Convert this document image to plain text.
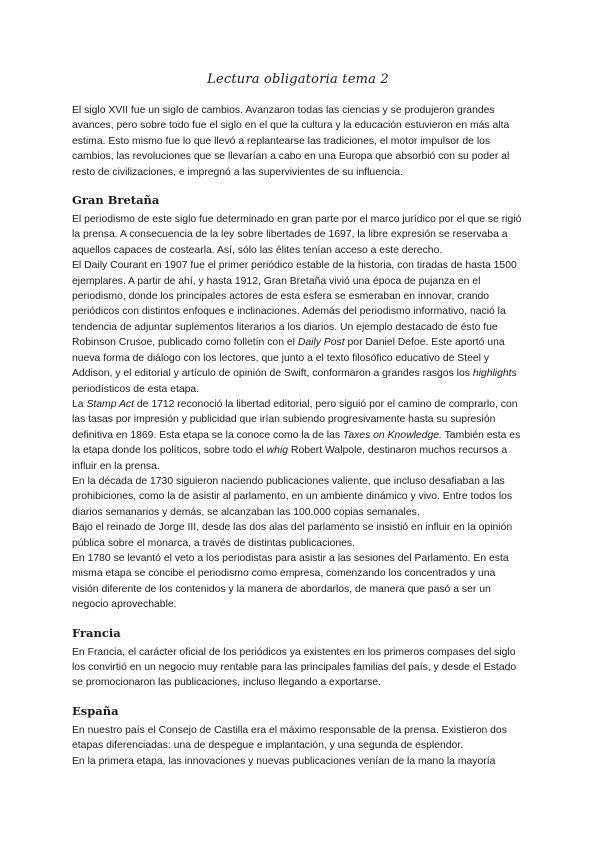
Lectura obligatoria tema 2

El siglo XVII fue un siglo de cambios. Avanzaron todas las ciencias y se produjeron grandes avances, pero sobre todo fue el siglo en el que la cultura y la educación estuvieron en más alta estima. Esto mismo fue lo que llevó a replantearse las tradiciones, el motor impulsor de los cambios, las revoluciones que se llevarían a cabo en una Europa que absorbió con su poder al resto de civilizaciones, e impregnó a las supervivientes de su influencia.

Gran Bretaña

El periodismo de este siglo fue determinado en gran parte por el marco jurídico por el que se rigió la prensa. A consecuencia de la ley sobre libertades de 1697, la libre expresión se reservaba a aquellos capaces de costearla. Así, sólo las élites tenían acceso a este derecho.

El Daily Courant en 1907 fue el primer periódico estable de la historia, con tiradas de hasta 1500 ejemplares. A partir de ahí, y hasta 1912, Gran Bretaña vivió una época de pujanza en el periodismo, donde los principales actores de esta esfera se esmeraban en innovar, crando periódicos con distintos enfoques e inclinaciones. Además del periodismo informativo, nació la tendencia de adjuntar suplementos literarios a los diarios. Un ejemplo destacado de ésto fue Robinson Crusoe, publicado como folletín con el Daily Post por Daniel Defoe. Este aportó una nueva forma de diálogo con los lectores, que junto a el texto filosófico educativo de Steel y Addison, y el editorial y artículo de opinión de Swift, conformaron a grandes rasgos los highlights periodísticos de esta etapa.

La Stamp Act de 1712 reconoció la libertad editorial, pero siguió por el camino de comprarlo, con las tasas por impresión y publicidad que irían subiendo progresivamente hasta su supresión definitiva en 1869. Esta etapa se la conoce como la de las Taxes on Knowledge. También esta es la etapa donde los políticos, sobre todo el whig Robert Walpole, destinaron muchos recursos a influir en la prensa.

En la década de 1730 siguieron naciendo publicaciones valiente, que incluso desafiaban a las prohibiciones, como la de asistir al parlamento, en un ambiente dinámico y vivo. Entre todos los diarios semanarios y demás, se alcanzaban las 100.000 copias semanales.

Bajo el reinado de Jorge III, desde las dos alas del parlamento se insistió en influir en la opinión pública sobre el monarca, a través de distintas publicaciones.

En 1780 se levantó el veto a los periodistas para asistir a las sesiones del Parlamento. En esta misma etapa se concibe el periodismo como empresa, comenzando los concentrados y una visión diferente de los contenidos y la manera de abordarlos, de manera que pasó a ser un negocio aprovechable.

Francia

En Francia, el carácter oficial de los periódicos ya existentes en los primeros compases del siglo los convirtió en un negocio muy rentable para las principales familias del país, y desde el Estado se promocionaron las publicaciones, incluso llegando a exportarse.

España

En nuestro país el Consejo de Castilla era el máximo responsable de la prensa. Existieron dos etapas diferenciadas: una de despegue e implantación, y una segunda de esplendor.

En la primera etapa, las innovaciones y nuevas publicaciones venían de la mano la mayoría
